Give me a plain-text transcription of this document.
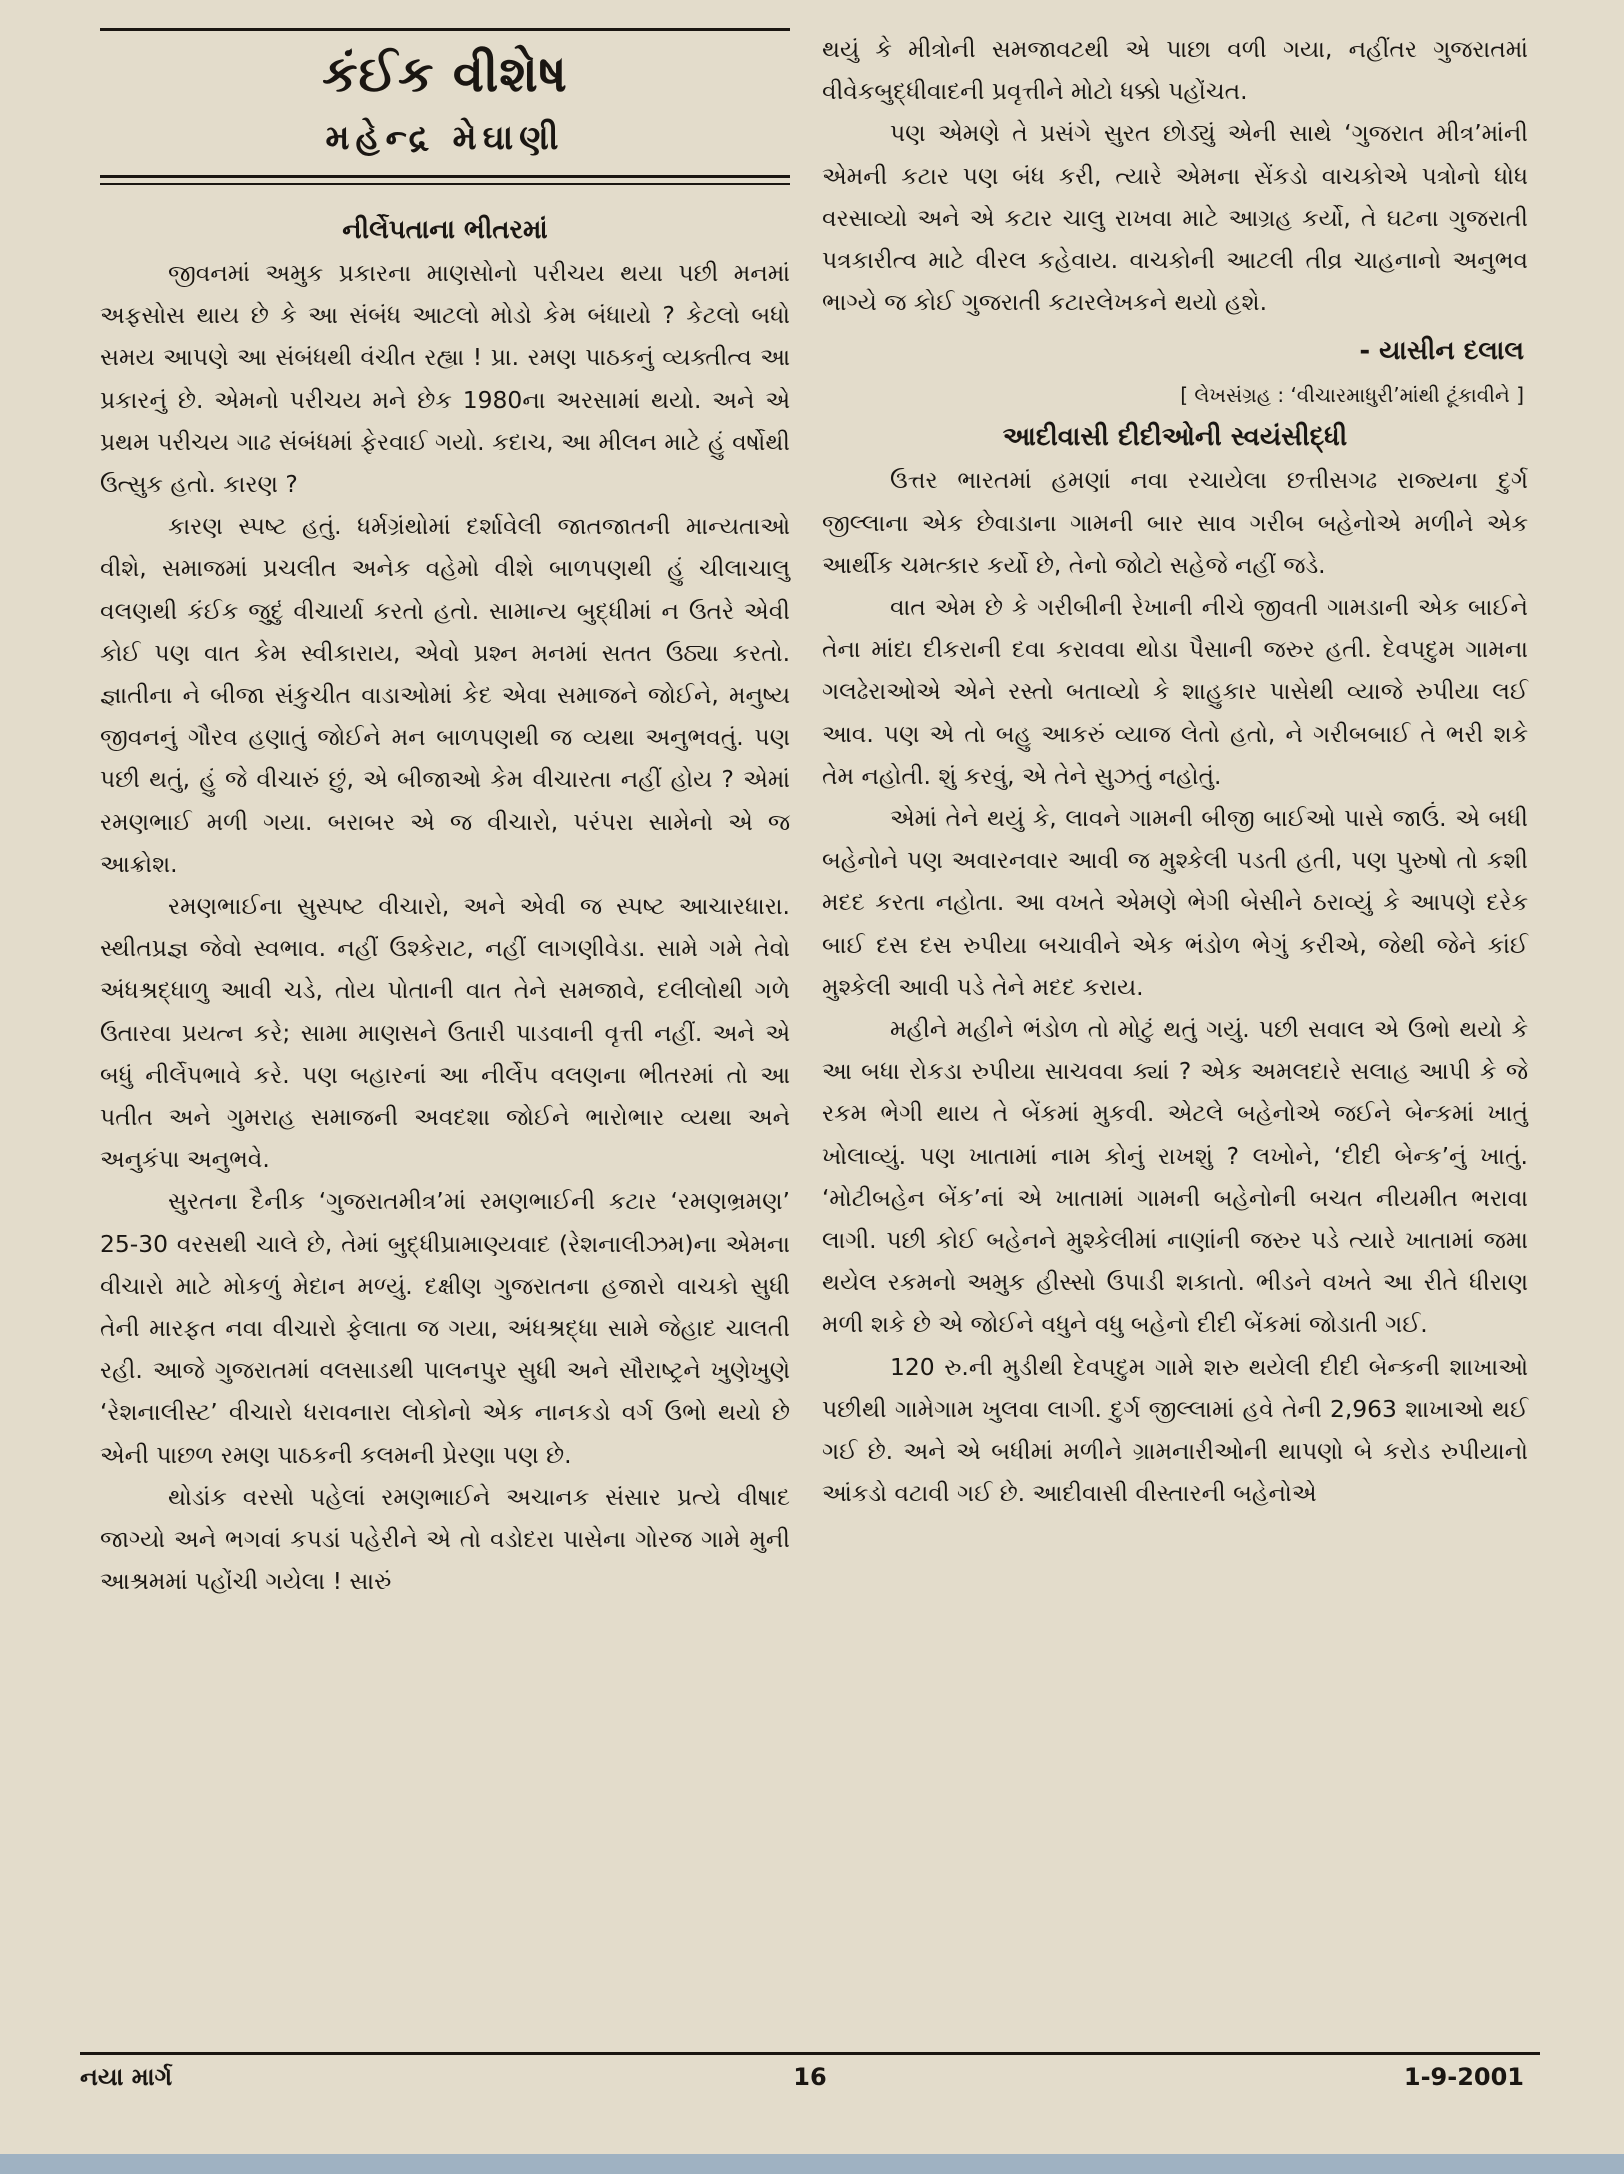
કંઈક વીશેષ

મહેન્દ્ર મેઘાણી

નીર્લેપતાના ભીતરમાં

જીવનમાં અમુક પ્રકારના માણસોનો પરીચય થયા પછી મનમાં અફસોસ થાય છે કે આ સંબંધ આટલો મોડો કેમ બંધાયો ? કેટલો બધો સમય આપણે આ સંબંધથી વંચીત રહ્યા ! પ્રા. રમણ પાઠકનું વ્યક્તીત્વ આ પ્રકારનું છે. એમનો પરીચય મને છેક 1980ના અરસામાં થયો. અને એ પ્રથમ પરીચય ગાઢ સંબંધમાં ફેરવાઈ ગયો. કદાચ, આ મીલન માટે હું વર્ષોથી ઉત્સુક હતો. કારણ ?

કારણ સ્પષ્ટ હતું. ધર્મગ્રંથોમાં દર્શાવેલી જાતજાતની માન્યતાઓ વીશે, સમાજમાં પ્રચલીત અનેક વહેમો વીશે બાળપણથી હું ચીલાચાલુ વલણથી કંઈક જુદું વીચાર્યા કરતો હતો. સામાન્ય બુદ્ધીમાં ન ઉતરે એવી કોઈ પણ વાત કેમ સ્વીકારાય, એવો પ્રશ્ન મનમાં સતત ઉઠ્યા કરતો. જ્ઞાતીના ને બીજા સંકુચીત વાડાઓમાં કેદ એવા સમાજને જોઈને, મનુષ્ય જીવનનું ગૌરવ હણાતું જોઈને મન બાળપણથી જ વ્યથા અનુભવતું. પણ પછી થતું, હું જે વીચારું છું, એ બીજાઓ કેમ વીચારતા નહીં હોય ? એમાં રમણભાઈ મળી ગયા. બરાબર એ જ વીચારો, પરંપરા સામેનો એ જ આક્રોશ.

રમણભાઈના સુસ્પષ્ટ વીચારો, અને એવી જ સ્પષ્ટ આચારધારા. સ્થીતપ્રજ્ઞ જેવો સ્વભાવ. નહીં ઉશ્કેરાટ, નહીં લાગણીવેડા. સામે ગમે તેવો અંધશ્રદ્ધાળુ આવી ચડે, તોય પોતાની વાત તેને સમજાવે, દલીલોથી ગળે ઉતારવા પ્રયત્ન કરે; સામા માણસને ઉતારી પાડવાની વૃત્તી નહીં. અને એ બધું નીર્લેપભાવે કરે. પણ બહારનાં આ નીર્લેપ વલણના ભીતરમાં તો આ પતીત અને ગુમરાહ સમાજની અવદશા જોઈને ભારોભાર વ્યથા અને અનુકંપા અનુભવે.

સુરતના દૈનીક ‘ગુજરાતમીત્ર’માં રમણભાઈની કટાર ‘રમણભ્રમણ’ 25-30 વરસથી ચાલે છે, તેમાં બુદ્ધીપ્રામાણ્યવાદ (રેશનાલીઝમ)ના એમના વીચારો માટે મોકળું મેદાન મળ્યું. દક્ષીણ ગુજરાતના હજારો વાચકો સુધી તેની મારફત નવા વીચારો ફેલાતા જ ગયા, અંધશ્રદ્ધા સામે જેહાદ ચાલતી રહી. આજે ગુજરાતમાં વલસાડથી પાલનપુર સુધી અને સૌરાષ્ટ્રને ખુણેખુણે ‘રેશનાલીસ્ટ’ વીચારો ધરાવનારા લોકોનો એક નાનકડો વર્ગ ઉભો થયો છે એની પાછળ રમણ પાઠકની કલમની પ્રેરણા પણ છે.

થોડાંક વરસો પહેલાં રમણભાઈને અચાનક સંસાર પ્રત્યે વીષાદ જાગ્યો અને ભગવાં કપડાં પહેરીને એ તો વડોદરા પાસેના ગોરજ ગામે મુની આશ્રમમાં પહોંચી ગયેલા ! સારું

થયું કે મીત્રોની સમજાવટથી એ પાછા વળી ગયા, નહીંતર ગુજરાતમાં વીવેકબુદ્ધીવાદની પ્રવૃત્તીને મોટો ધક્કો પહોંચત.

પણ એમણે તે પ્રસંગે સુરત છોડ્યું એની સાથે ‘ગુજરાત મીત્ર’માંની એમની કટાર પણ બંધ કરી, ત્યારે એમના સેંકડો વાચકોએ પત્રોનો ધોધ વરસાવ્યો અને એ કટાર ચાલુ રાખવા માટે આગ્રહ કર્યો, તે ઘટના ગુજરાતી પત્રકારીત્વ માટે વીરલ કહેવાય. વાચકોની આટલી તીવ્ર ચાહનાનો અનુભવ ભાગ્યે જ કોઈ ગુજરાતી કટારલેખકને થયો હશે.

- યાસીન દલાલ

[ લેખસંગ્રહ : ‘વીચારમાધુરી’માંથી ટૂંકાવીને ]

આદીવાસી દીદીઓની સ્વયંસીદ્ધી

ઉત્તર ભારતમાં હમણાં નવા રચાયેલા છત્તીસગઢ રાજ્યના દુર્ગ જીલ્લાના એક છેવાડાના ગામની બાર સાવ ગરીબ બહેનોએ મળીને એક આર્થીક ચમત્કાર કર્યો છે, તેનો જોટો સહેજે નહીં જડે.

વાત એમ છે કે ગરીબીની રેખાની નીચે જીવતી ગામડાની એક બાઈને તેના માંદા દીકરાની દવા કરાવવા થોડા પૈસાની જરુર હતી. દેવપદુમ ગામના ગલઢેરાઓએ એને રસ્તો બતાવ્યો કે શાહુકાર પાસેથી વ્યાજે રુપીયા લઈ આવ. પણ એ તો બહુ આકરું વ્યાજ લેતો હતો, ને ગરીબબાઈ તે ભરી શકે તેમ નહોતી. શું કરવું, એ તેને સુઝતું નહોતું.

એમાં તેને થયું કે, લાવને ગામની બીજી બાઈઓ પાસે જાઉં. એ બધી બહેનોને પણ અવારનવાર આવી જ મુશ્કેલી પડતી હતી, પણ પુરુષો તો કશી મદદ કરતા નહોતા. આ વખતે એમણે ભેગી બેસીને ઠરાવ્યું કે આપણે દરેક બાઈ દસ દસ રુપીયા બચાવીને એક ભંડોળ ભેગું કરીએ, જેથી જેને કાંઈ મુશ્કેલી આવી પડે તેને મદદ કરાય.

મહીને મહીને ભંડોળ તો મોટું થતું ગયું. પછી સવાલ એ ઉભો થયો કે આ બધા રોકડા રુપીયા સાચવવા ક્યાં ? એક અમલદારે સલાહ આપી કે જે રકમ ભેગી થાય તે બેંકમાં મુકવી. એટલે બહેનોએ જઈને બેન્કમાં ખાતું ખોલાવ્યું. પણ ખાતામાં નામ કોનું રાખશું ? લખોને, ‘દીદી બેન્ક’નું ખાતું. ‘મોટીબહેન બેંક’નાં એ ખાતામાં ગામની બહેનોની બચત નીયમીત ભરાવા લાગી. પછી કોઈ બહેનને મુશ્કેલીમાં નાણાંની જરુર પડે ત્યારે ખાતામાં જમા થયેલ રકમનો અમુક હીસ્સો ઉપાડી શકાતો. ભીડને વખતે આ રીતે ધીરાણ મળી શકે છે એ જોઈને વધુને વધુ બહેનો દીદી બેંકમાં જોડાતી ગઈ.

120 રુ.ની મુડીથી દેવપદુમ ગામે શરુ થયેલી દીદી બેન્કની શાખાઓ પછીથી ગામેગામ ખુલવા લાગી. દુર્ગ જીલ્લામાં હવે તેની 2,963 શાખાઓ થઈ ગઈ છે. અને એ બધીમાં મળીને ગ્રામનારીઓની થાપણો બે કરોડ રુપીયાનો આંકડો વટાવી ગઈ છે. આદીવાસી વીસ્તારની બહેનોએ

નયા માર્ગ	16	1-9-2001
